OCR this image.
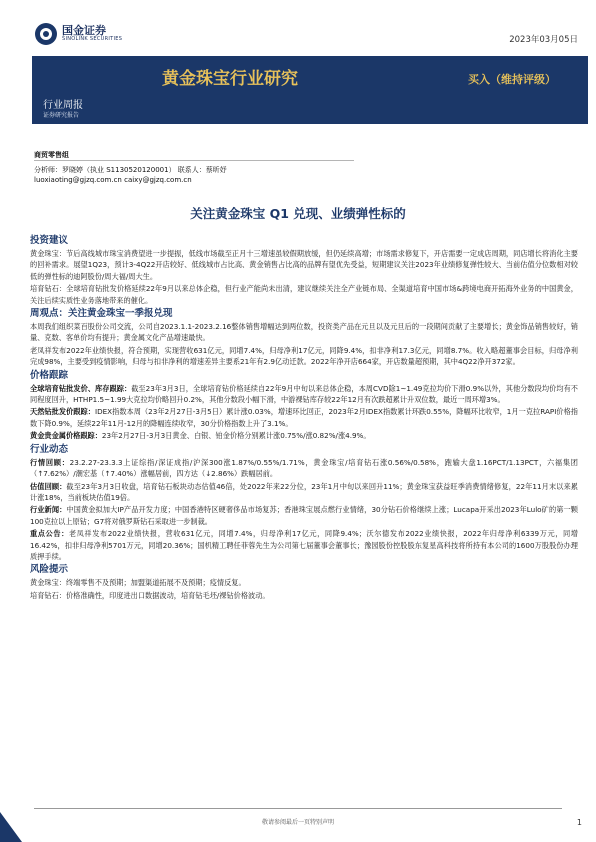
国金证券
SINOLINK SECURITIES	2023年03月05日
黄金珠宝行业研究
行业周报
证券研究报告
买入（维持评级）
商贸零售组
分析师：罗晓婷（执业 S1130520120001） 联系人：蔡昕妤
luoxiaoting@gjzq.com.cn caixy@gjzq.com.cn
关注黄金珠宝 Q1 兑现、业绩弹性标的
投资建议

黄金珠宝：节后高线城市珠宝消费望进一步提振，低线市场截至正月十三增速虽较假期放缓，但仍延续高增；市场需求修复下，开店需要一定成店周期，同店增长将消化主要的回补需求。展望1Q23，预计3-4Q22开店较好、低线城市占比高、黄金销售占比高的品牌有望优先受益，短期建议关注2023年业绩修复弹性较大、当前估值分位数相对较低的弹性标的迪阿股份/周大福/周大生。

培育钻石：全球培育钻批发价格延续22年9月以来总体企稳，但行业产能尚未出清，建议继续关注全产业链布局、全渠道培育中国市场&跨境电商开拓海外业务的中国黄金，关注后续实质性业务落地带来的催化。

周观点：关注黄金珠宝一季报兑现

本周我们组织菜百股份公司交流，公司自2023.1.1-2023.2.16整体销售增幅达到两位数，投资类产品在元旦以及元旦后的一段期间贡献了主要增长；黄金饰品销售较好，销量、克数、客单价均有提升；黄金属文化产品增速最快。

老凤祥发布2022年业绩快报，符合预期，实现营收631亿元，同增7.4%，归母净利17亿元，同降9.4%，扣非净利17.3亿元，同增8.7%。收入略超董事会目标，归母净利完成98%，主要受到疫情影响，归母与扣非净利的增速差异主要系21年有2.9亿动迁款。2022年净开店664家，开店数量超预期，其中4Q22净开372家。

价格跟踪

全球培育钻批发价、库存跟踪：截至23年3月3日，全球培育钻价格延续自22年9月中旬以来总体企稳，本周CVD除1~1.49克拉均价下滑0.9%以外，其他分数段均价均有不同程度回升，HTHP1.5~1.99大克拉均价略回升0.2%，其他分数段小幅下滑，中游裸钻库存较22年12月有次跌超累计升双位数，最近一周环增3%。

天然钻批发价跟踪：IDEX指数本周（23年2月27日-3月5日）累计涨0.03%，增速环比回正，2023年2月IDEX指数累计环跌0.55%，降幅环比收窄，1月一克拉RAPI价格指数下降0.9%，延续22年11月-12月的降幅连续收窄，30分价格指数上升了3.1%。

黄金贵金属价格跟踪：23年2月27日-3月3日黄金、白银、铂金价格分别累计涨0.75%/涨0.82%/涨4.9%。

行业动态

行情回顾：23.2.27-23.3.3上证综指/深证成指/沪深300涨1.87%/0.55%/1.71%，黄金珠宝/培育钻石涨0.56%/0.58%，跑输大盘1.16PCT/1.13PCT，六福集团（↑7.62%）/潮宏基（↑7.40%）涨幅居前，四方达（↓2.86%）跌幅居前。

估值回顾：截至23年3月3日收盘，培育钻石板块动态估值46倍，处2022年来22分位，23年1月中旬以来回升11%；黄金珠宝获益旺季消费情绪修复，22年11月末以来累计涨18%，当前板块估值19倍。

行业新闻：中国黄金拟加大IP产品开发力度；中国香港特区硬奢侈品市场复苏；香港珠宝展点燃行业情绪，30分钻石价格继续上涨；Lucapa开采出2023年Lulo矿的第一颗100克拉以上原钻；G7将对俄罗斯钻石采取进一步制裁。

重点公告：老凤祥发布2022业绩快报，营收631亿元，同增7.4%，归母净利17亿元，同降9.4%；沃尔德发布2022业绩快报，2022年归母净利6339万元，同增16.42%，扣非归母净利5701万元，同增20.36%；国机精工聘任菲蓉先生为公司第七届董事会董事长；豫园股份控股股东复星高科技将所持有本公司的1600万股股份办理质押手续。

风险提示

黄金珠宝：终端零售不及预期；加盟渠道拓展不及预期；疫情反复。

培育钻石：价格准确性，印度进出口数据波动，培育钻毛坯/裸钻价格波动。

敬请参阅最后一页特别声明	1
